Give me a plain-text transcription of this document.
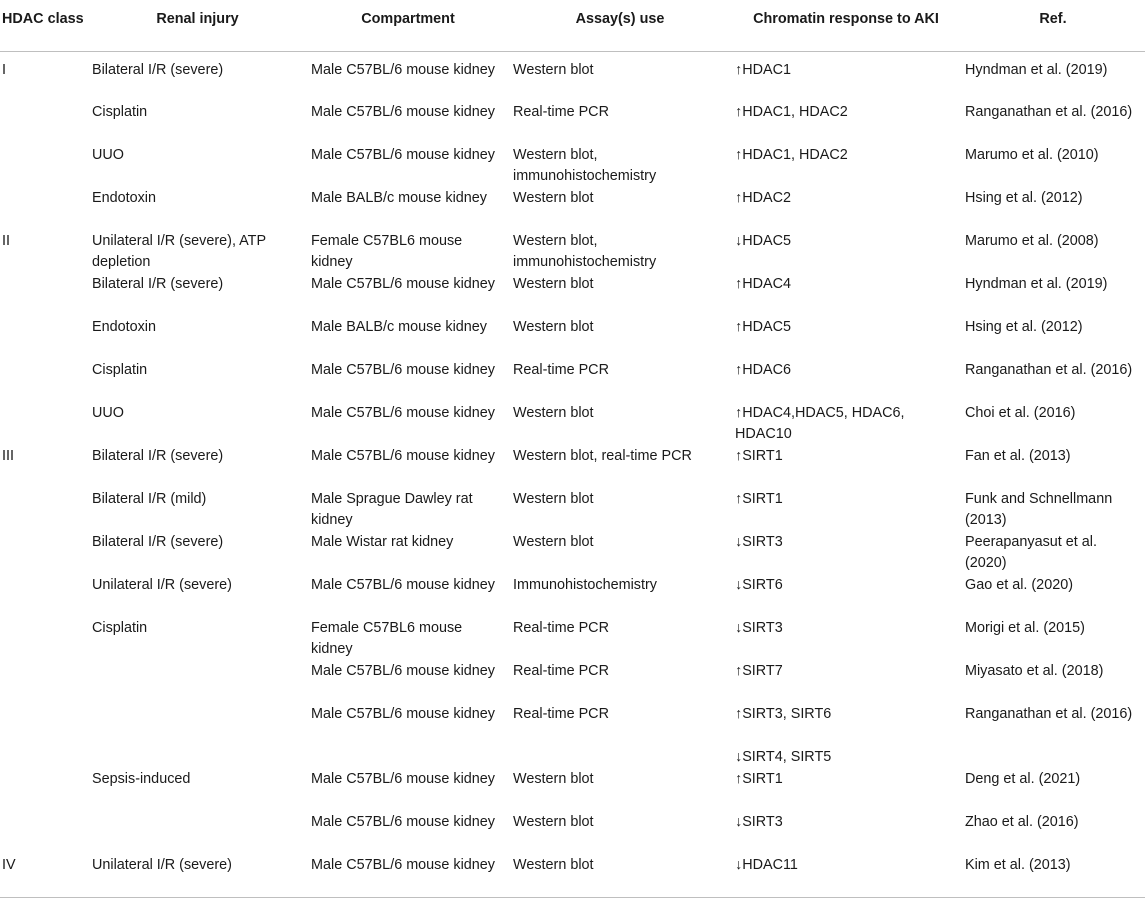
HDAC class	Renal injury	Compartment	Assay(s) use	Chromatin response to AKI	Ref.
I	Bilateral I/R (severe)	Male C57BL/6 mouse kidney	Western blot	↑HDAC1	Hyndman et al. (2019)
	Cisplatin	Male C57BL/6 mouse kidney	Real-time PCR	↑HDAC1, HDAC2	Ranganathan et al. (2016)
	UUO	Male C57BL/6 mouse kidney	Western blot, immunohistochemistry	↑HDAC1, HDAC2	Marumo et al. (2010)
	Endotoxin	Male BALB/c mouse kidney	Western blot	↑HDAC2	Hsing et al. (2012)
II	Unilateral I/R (severe), ATP depletion	Female C57BL6 mouse kidney	Western blot, immunohistochemistry	↓HDAC5	Marumo et al. (2008)
	Bilateral I/R (severe)	Male C57BL/6 mouse kidney	Western blot	↑HDAC4	Hyndman et al. (2019)
	Endotoxin	Male BALB/c mouse kidney	Western blot	↑HDAC5	Hsing et al. (2012)
	Cisplatin	Male C57BL/6 mouse kidney	Real-time PCR	↑HDAC6	Ranganathan et al. (2016)
	UUO	Male C57BL/6 mouse kidney	Western blot	↑HDAC4,HDAC5, HDAC6, HDAC10	Choi et al. (2016)
III	Bilateral I/R (severe)	Male C57BL/6 mouse kidney	Western blot, real-time PCR	↑SIRT1	Fan et al. (2013)
	Bilateral I/R (mild)	Male Sprague Dawley rat kidney	Western blot	↑SIRT1	Funk and Schnellmann (2013)
	Bilateral I/R (severe)	Male Wistar rat kidney	Western blot	↓SIRT3	Peerapanyasut et al. (2020)
	Unilateral I/R (severe)	Male C57BL/6 mouse kidney	Immunohistochemistry	↓SIRT6	Gao et al. (2020)
	Cisplatin	Female C57BL6 mouse kidney	Real-time PCR	↓SIRT3	Morigi et al. (2015)
		Male C57BL/6 mouse kidney	Real-time PCR	↑SIRT7	Miyasato et al. (2018)
		Male C57BL/6 mouse kidney	Real-time PCR	↑SIRT3, SIRT6	Ranganathan et al. (2016)
				↓SIRT4, SIRT5	
	Sepsis-induced	Male C57BL/6 mouse kidney	Western blot	↑SIRT1	Deng et al. (2021)
		Male C57BL/6 mouse kidney	Western blot	↓SIRT3	Zhao et al. (2016)
IV	Unilateral I/R (severe)	Male C57BL/6 mouse kidney	Western blot	↓HDAC11	Kim et al. (2013)
